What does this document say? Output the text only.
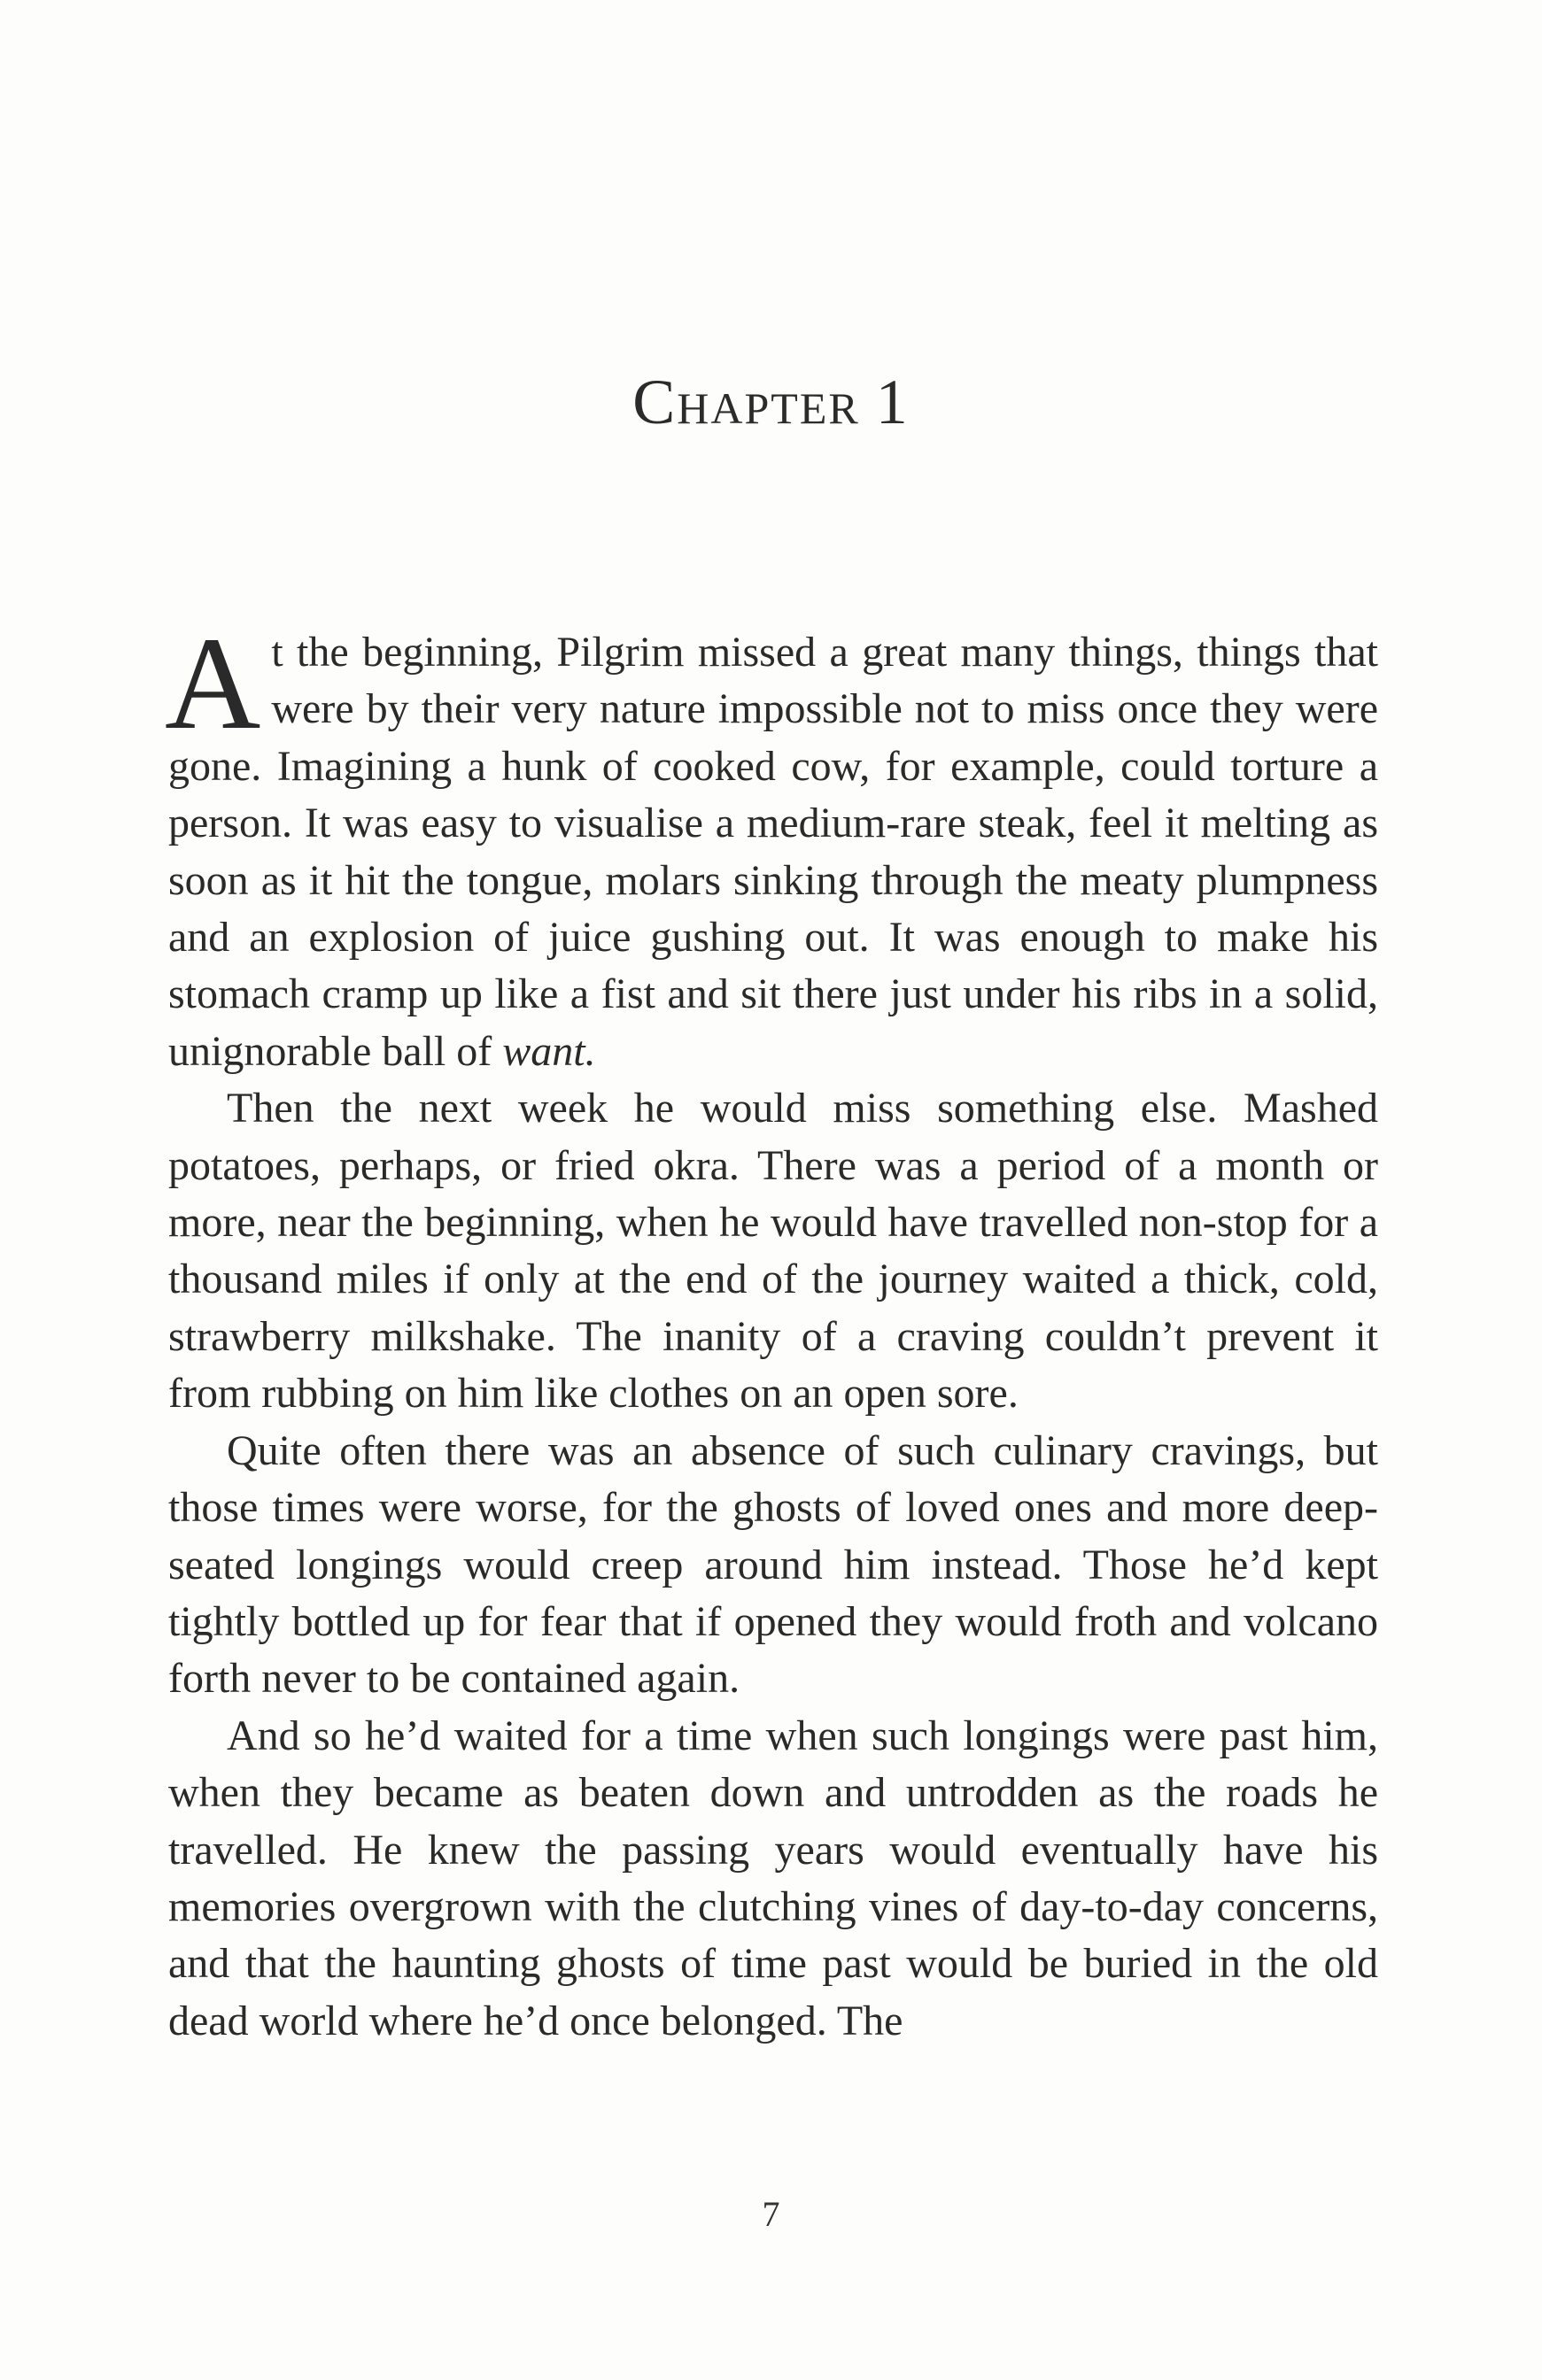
Chapter 1

At the beginning, Pilgrim missed a great many things, things that were by their very nature impossible not to miss once they were gone. Imagining a hunk of cooked cow, for example, could torture a person. It was easy to visualise a medium-rare steak, feel it melting as soon as it hit the tongue, molars sinking through the meaty plumpness and an explosion of juice gushing out. It was enough to make his stomach cramp up like a fist and sit there just under his ribs in a solid, unignorable ball of want.

Then the next week he would miss something else. Mashed potatoes, perhaps, or fried okra. There was a period of a month or more, near the beginning, when he would have travelled non-stop for a thousand miles if only at the end of the journey waited a thick, cold, strawberry milkshake. The inanity of a craving couldn’t prevent it from rubbing on him like clothes on an open sore.

Quite often there was an absence of such culinary cravings, but those times were worse, for the ghosts of loved ones and more deep-seated longings would creep around him instead. Those he’d kept tightly bottled up for fear that if opened they would froth and volcano forth never to be contained again.

And so he’d waited for a time when such longings were past him, when they became as beaten down and untrodden as the roads he travelled. He knew the passing years would eventually have his memories overgrown with the clutching vines of day-to-day concerns, and that the haunting ghosts of time past would be buried in the old dead world where he’d once belonged. The

7
